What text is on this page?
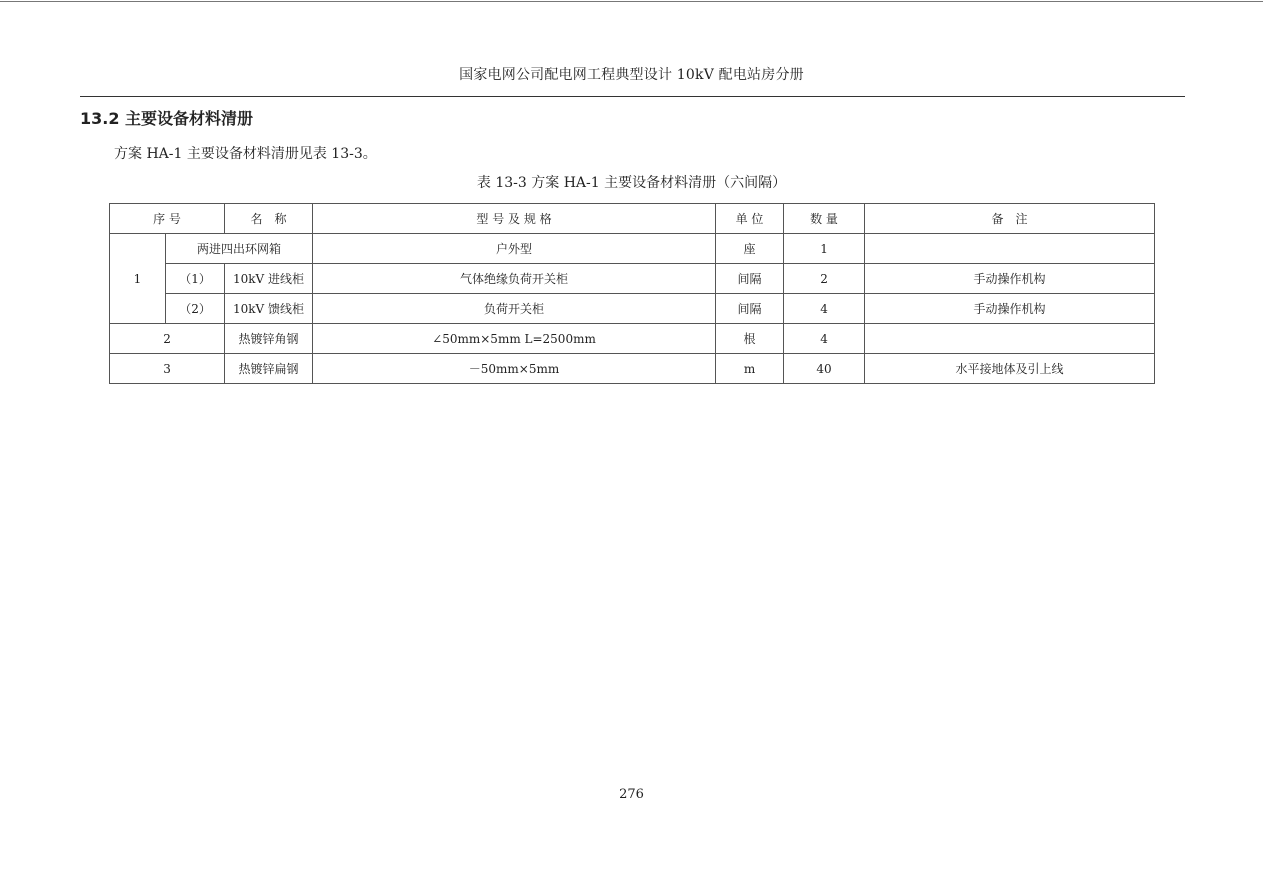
国家电网公司配电网工程典型设计 10kV 配电站房分册
13.2 主要设备材料清册
方案 HA-1 主要设备材料清册见表 13-3。
表 13-3 方案 HA-1 主要设备材料清册（六间隔）
序 号		名　称	型 号 及 规 格	单 位	数 量	备　注
1	两进四出环网箱		户外型	座	1	
	（1）	10kV 进线柜	气体绝缘负荷开关柜	间隔	2	手动操作机构
	（2）	10kV 馈线柜	负荷开关柜	间隔	4	手动操作机构
2		热镀锌角钢	∠50mm×5mm L=2500mm	根	4	
3		热镀锌扁钢	－50mm×5mm	m	40	水平接地体及引上线
276
